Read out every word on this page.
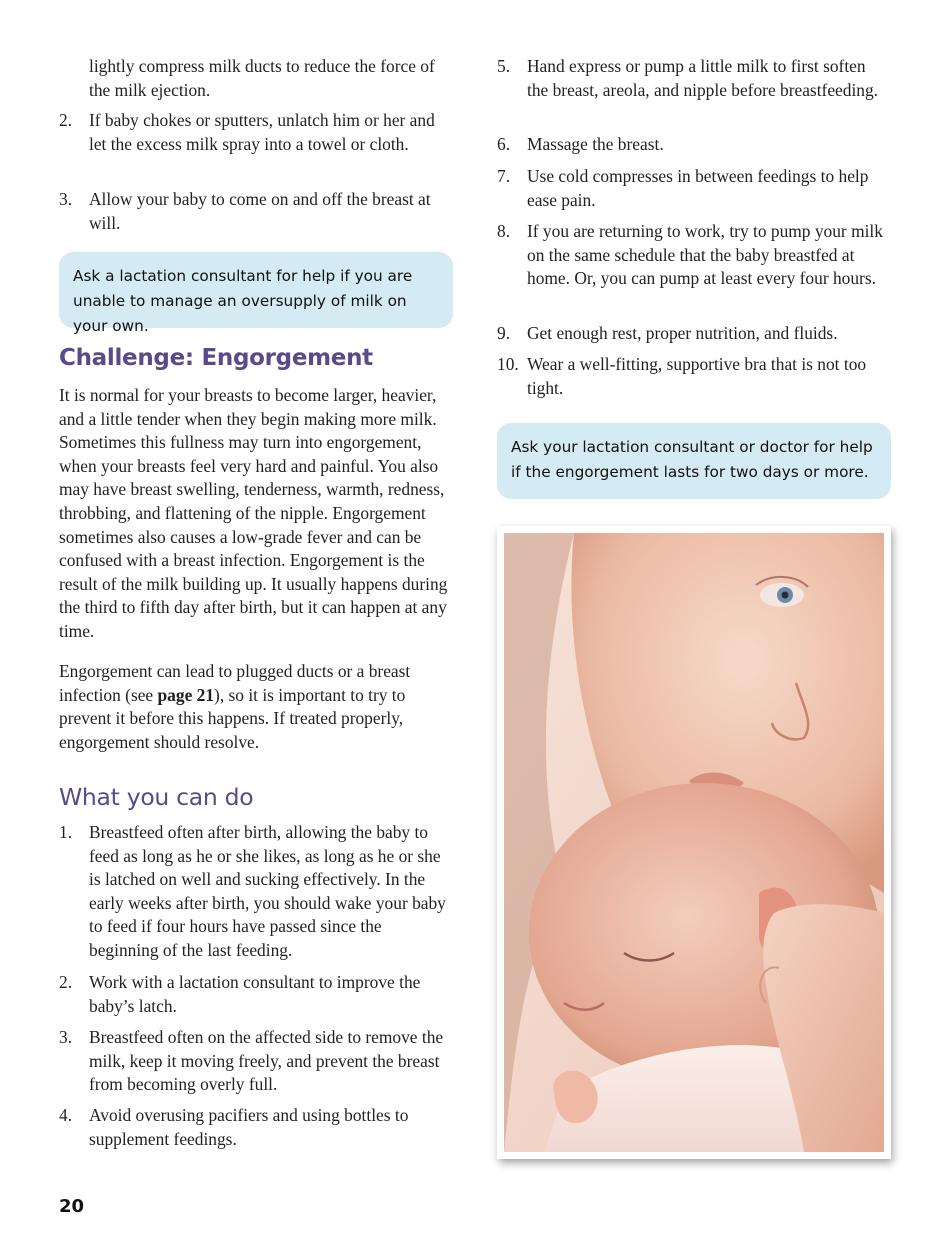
lightly compress milk ducts to reduce the force of the milk ejection.
2. If baby chokes or sputters, unlatch him or her and let the excess milk spray into a towel or cloth.
3. Allow your baby to come on and off the breast at will.
Ask a lactation consultant for help if you are unable to manage an oversupply of milk on your own.
Challenge: Engorgement

It is normal for your breasts to become larger, heavier, and a little tender when they begin making more milk. Sometimes this fullness may turn into engorgement, when your breasts feel very hard and painful. You also may have breast swelling, tenderness, warmth, redness, throbbing, and flattening of the nipple. Engorgement sometimes also causes a low-grade fever and can be confused with a breast infection. Engorgement is the result of the milk building up. It usually happens during the third to fifth day after birth, but it can happen at any time.

Engorgement can lead to plugged ducts or a breast infection (see page 21), so it is important to try to prevent it before this happens. If treated properly, engorgement should resolve.

What you can do
1. Breastfeed often after birth, allowing the baby to feed as long as he or she likes, as long as he or she is latched on well and sucking effectively. In the early weeks after birth, you should wake your baby to feed if four hours have passed since the beginning of the last feeding.
2. Work with a lactation consultant to improve the baby’s latch.
3. Breastfeed often on the affected side to remove the milk, keep it moving freely, and prevent the breast from becoming overly full.
4. Avoid overusing pacifiers and using bottles to supplement feedings.
5. Hand express or pump a little milk to first soften the breast, areola, and nipple before breastfeeding.
6. Massage the breast.
7. Use cold compresses in between feedings to help ease pain.
8. If you are returning to work, try to pump your milk on the same schedule that the baby breastfed at home. Or, you can pump at least every four hours.
9. Get enough rest, proper nutrition, and fluids.
10. Wear a well-fitting, supportive bra that is not too tight.
Ask your lactation consultant or doctor for help if the engorgement lasts for two days or more.
20
